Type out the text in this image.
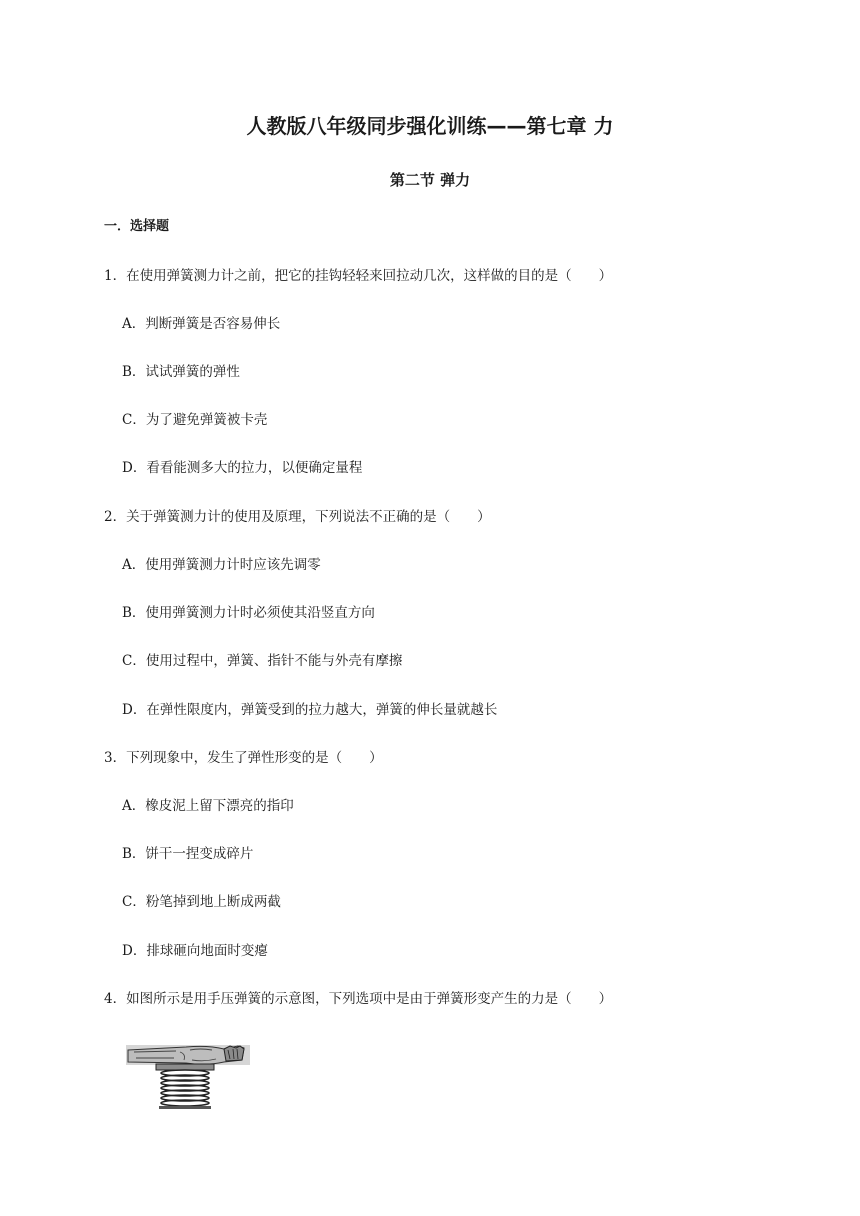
人教版八年级同步强化训练——第七章 力
第二节 弹力
一．选择题
1．在使用弹簧测力计之前，把它的挂钩轻轻来回拉动几次，这样做的目的是（　　）
A．判断弹簧是否容易伸长
B．试试弹簧的弹性
C．为了避免弹簧被卡壳
D．看看能测多大的拉力，以便确定量程
2．关于弹簧测力计的使用及原理，下列说法不正确的是（　　）
A．使用弹簧测力计时应该先调零
B．使用弹簧测力计时必须使其沿竖直方向
C．使用过程中，弹簧、指针不能与外壳有摩擦
D．在弹性限度内，弹簧受到的拉力越大，弹簧的伸长量就越长
3．下列现象中，发生了弹性形变的是（　　）
A．橡皮泥上留下漂亮的指印
B．饼干一捏变成碎片
C．粉笔掉到地上断成两截
D．排球砸向地面时变瘪
4．如图所示是用手压弹簧的示意图，下列选项中是由于弹簧形变产生的力是（　　）
